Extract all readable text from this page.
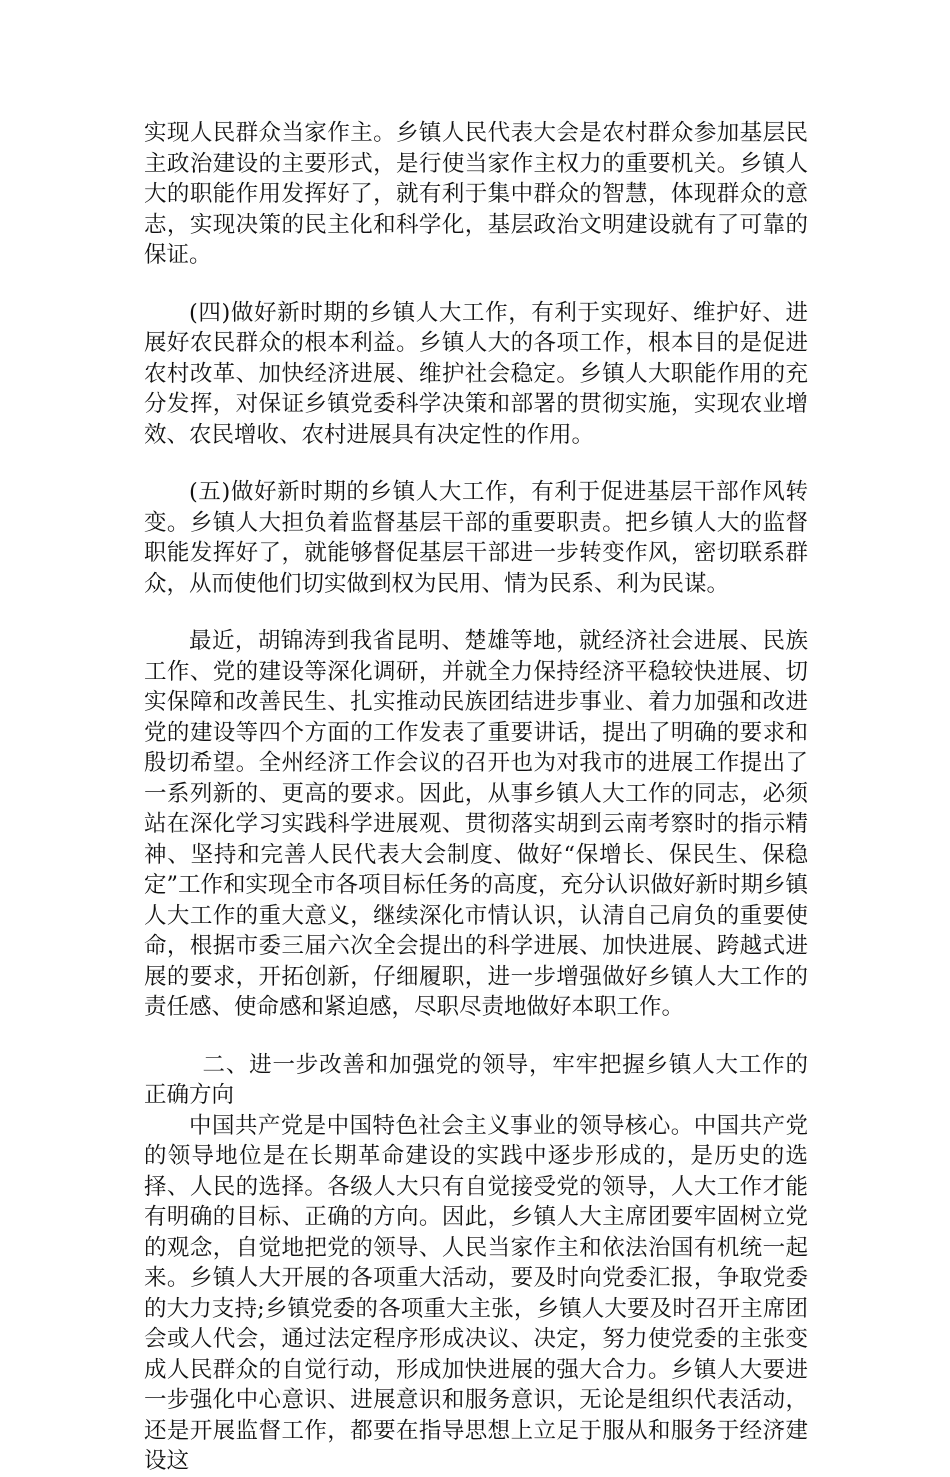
实现人民群众当家作主。乡镇人民代表大会是农村群众参加基层民主政治建设的主要形式，是行使当家作主权力的重要机关。乡镇人大的职能作用发挥好了，就有利于集中群众的智慧，体现群众的意志，实现决策的民主化和科学化，基层政治文明建设就有了可靠的保证。

(四)做好新时期的乡镇人大工作，有利于实现好、维护好、进展好农民群众的根本利益。乡镇人大的各项工作，根本目的是促进农村改革、加快经济进展、维护社会稳定。乡镇人大职能作用的充分发挥，对保证乡镇党委科学决策和部署的贯彻实施，实现农业增效、农民增收、农村进展具有决定性的作用。

(五)做好新时期的乡镇人大工作，有利于促进基层干部作风转变。乡镇人大担负着监督基层干部的重要职责。把乡镇人大的监督职能发挥好了，就能够督促基层干部进一步转变作风，密切联系群众，从而使他们切实做到权为民用、情为民系、利为民谋。

最近，胡锦涛到我省昆明、楚雄等地，就经济社会进展、民族工作、党的建设等深化调研，并就全力保持经济平稳较快进展、切实保障和改善民生、扎实推动民族团结进步事业、着力加强和改进党的建设等四个方面的工作发表了重要讲话，提出了明确的要求和殷切希望。全州经济工作会议的召开也为对我市的进展工作提出了一系列新的、更高的要求。因此，从事乡镇人大工作的同志，必须站在深化学习实践科学进展观、贯彻落实胡到云南考察时的指示精神、坚持和完善人民代表大会制度、做好“保增长、保民生、保稳定”工作和实现全市各项目标任务的高度，充分认识做好新时期乡镇人大工作的重大意义，继续深化市情认识，认清自己肩负的重要使命，根据市委三届六次全会提出的科学进展、加快进展、跨越式进展的要求，开拓创新，仔细履职，进一步增强做好乡镇人大工作的责任感、使命感和紧迫感，尽职尽责地做好本职工作。

二、进一步改善和加强党的领导，牢牢把握乡镇人大工作的正确方向

中国共产党是中国特色社会主义事业的领导核心。中国共产党的领导地位是在长期革命建设的实践中逐步形成的，是历史的选择、人民的选择。各级人大只有自觉接受党的领导，人大工作才能有明确的目标、正确的方向。因此，乡镇人大主席团要牢固树立党的观念，自觉地把党的领导、人民当家作主和依法治国有机统一起来。乡镇人大开展的各项重大活动，要及时向党委汇报，争取党委的大力支持;乡镇党委的各项重大主张，乡镇人大要及时召开主席团会或人代会，通过法定程序形成决议、决定，努力使党委的主张变成人民群众的自觉行动，形成加快进展的强大合力。乡镇人大要进一步强化中心意识、进展意识和服务意识，无论是组织代表活动，还是开展监督工作，都要在指导思想上立足于服从和服务于经济建设这
